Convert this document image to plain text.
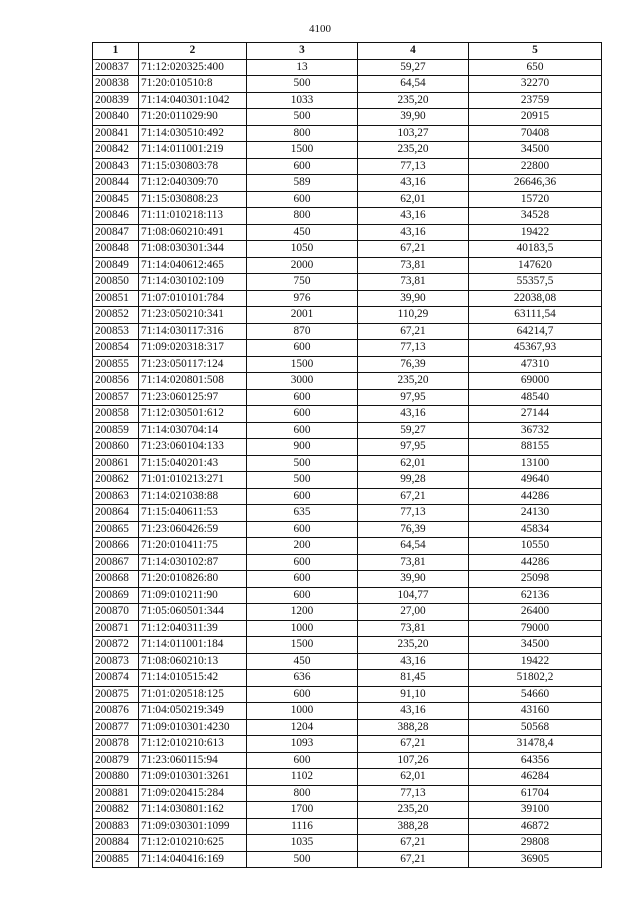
4100
1	2	3	4	5
200837	71:12:020325:400	13	59,27	650
200838	71:20:010510:8	500	64,54	32270
200839	71:14:040301:1042	1033	235,20	23759
200840	71:20:011029:90	500	39,90	20915
200841	71:14:030510:492	800	103,27	70408
200842	71:14:011001:219	1500	235,20	34500
200843	71:15:030803:78	600	77,13	22800
200844	71:12:040309:70	589	43,16	26646,36
200845	71:15:030808:23	600	62,01	15720
200846	71:11:010218:113	800	43,16	34528
200847	71:08:060210:491	450	43,16	19422
200848	71:08:030301:344	1050	67,21	40183,5
200849	71:14:040612:465	2000	73,81	147620
200850	71:14:030102:109	750	73,81	55357,5
200851	71:07:010101:784	976	39,90	22038,08
200852	71:23:050210:341	2001	110,29	63111,54
200853	71:14:030117:316	870	67,21	64214,7
200854	71:09:020318:317	600	77,13	45367,93
200855	71:23:050117:124	1500	76,39	47310
200856	71:14:020801:508	3000	235,20	69000
200857	71:23:060125:97	600	97,95	48540
200858	71:12:030501:612	600	43,16	27144
200859	71:14:030704:14	600	59,27	36732
200860	71:23:060104:133	900	97,95	88155
200861	71:15:040201:43	500	62,01	13100
200862	71:01:010213:271	500	99,28	49640
200863	71:14:021038:88	600	67,21	44286
200864	71:15:040611:53	635	77,13	24130
200865	71:23:060426:59	600	76,39	45834
200866	71:20:010411:75	200	64,54	10550
200867	71:14:030102:87	600	73,81	44286
200868	71:20:010826:80	600	39,90	25098
200869	71:09:010211:90	600	104,77	62136
200870	71:05:060501:344	1200	27,00	26400
200871	71:12:040311:39	1000	73,81	79000
200872	71:14:011001:184	1500	235,20	34500
200873	71:08:060210:13	450	43,16	19422
200874	71:14:010515:42	636	81,45	51802,2
200875	71:01:020518:125	600	91,10	54660
200876	71:04:050219:349	1000	43,16	43160
200877	71:09:010301:4230	1204	388,28	50568
200878	71:12:010210:613	1093	67,21	31478,4
200879	71:23:060115:94	600	107,26	64356
200880	71:09:010301:3261	1102	62,01	46284
200881	71:09:020415:284	800	77,13	61704
200882	71:14:030801:162	1700	235,20	39100
200883	71:09:030301:1099	1116	388,28	46872
200884	71:12:010210:625	1035	67,21	29808
200885	71:14:040416:169	500	67,21	36905
